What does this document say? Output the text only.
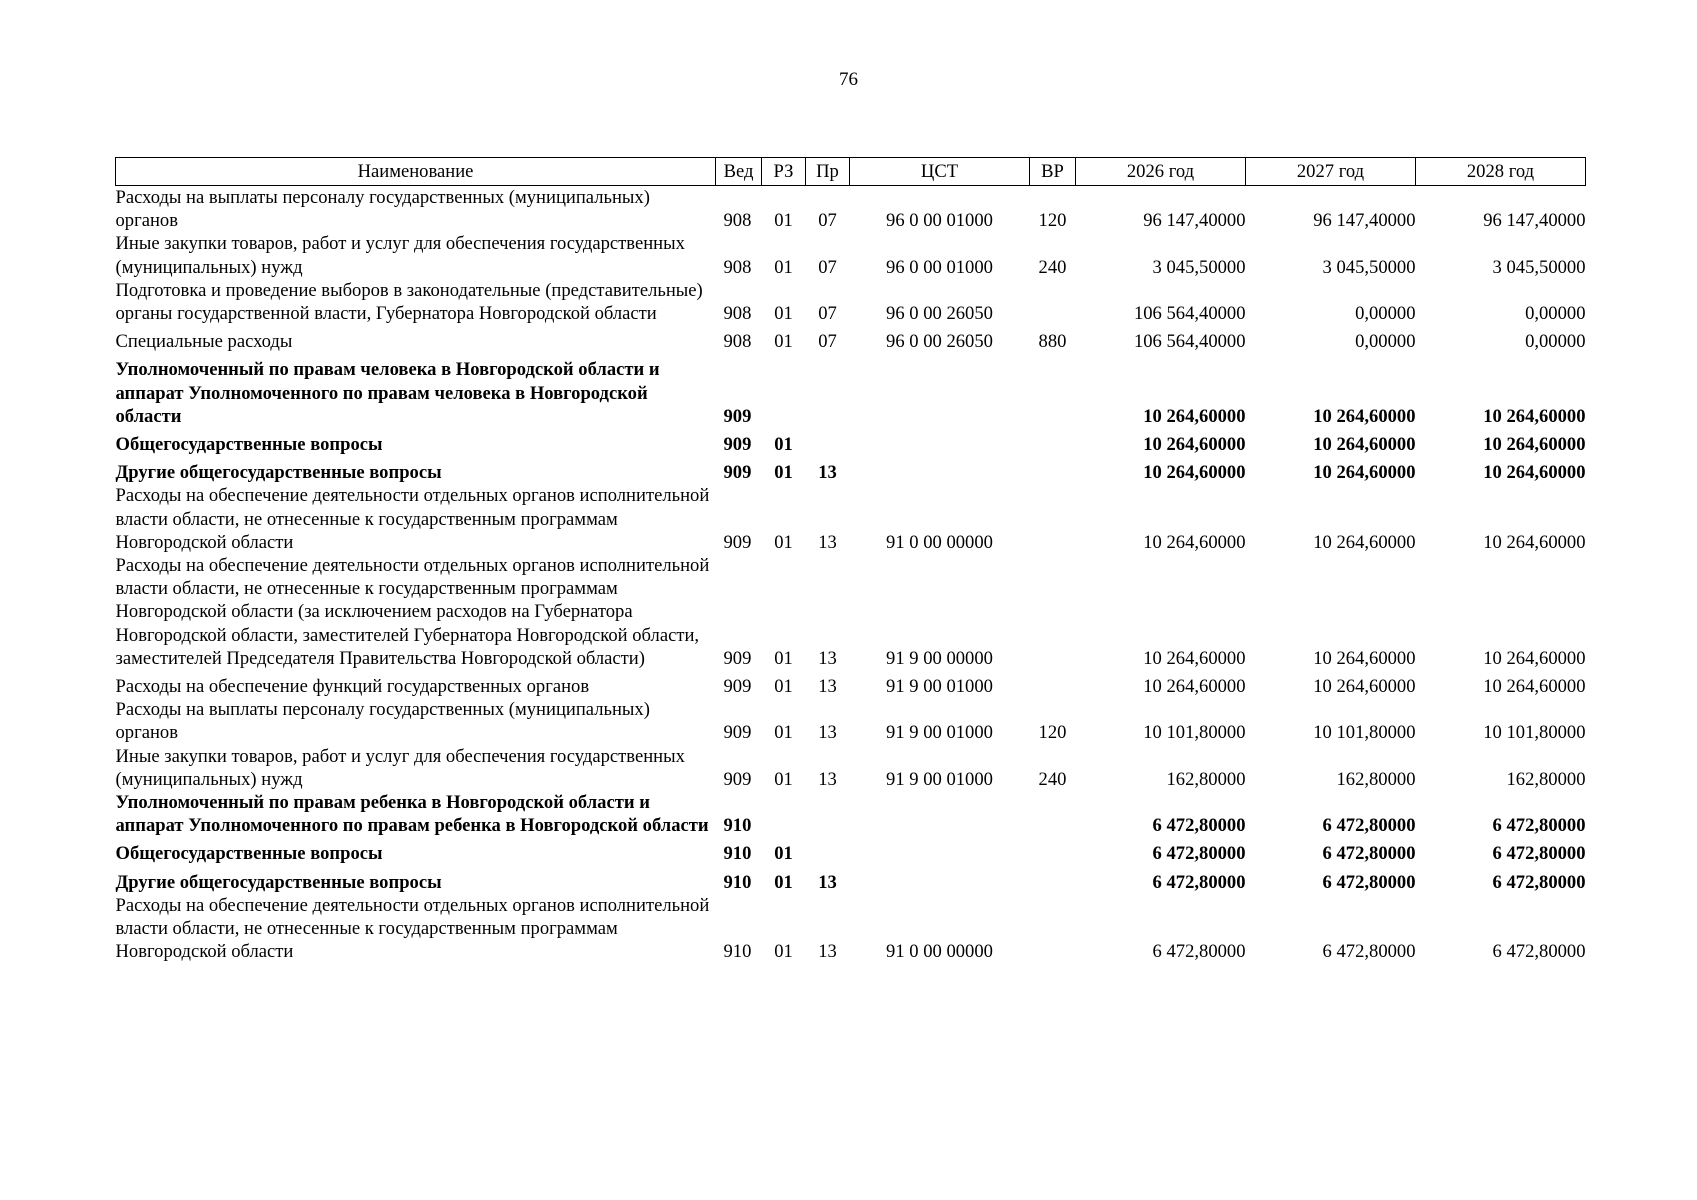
76
Наименование	Вед	РЗ	Пр	ЦСТ	ВР	2026 год	2027 год	2028 год
Расходы на выплаты персоналу государственных (муниципальных) органов	908	01	07	96 0 00 01000	120	96 147,40000	96 147,40000	96 147,40000
Иные закупки товаров, работ и услуг для обеспечения государственных (муниципальных) нужд	908	01	07	96 0 00 01000	240	3 045,50000	3 045,50000	3 045,50000
Подготовка и проведение выборов в законодательные (представительные) органы государственной власти, Губернатора Новгородской области	908	01	07	96 0 00 26050		106 564,40000	0,00000	0,00000
Специальные расходы	908	01	07	96 0 00 26050	880	106 564,40000	0,00000	0,00000
Уполномоченный по правам человека в Новгородской области и аппарат Уполномоченного по правам человека в Новгородской области	909					10 264,60000	10 264,60000	10 264,60000
Общегосударственные вопросы	909	01				10 264,60000	10 264,60000	10 264,60000
Другие общегосударственные вопросы	909	01	13			10 264,60000	10 264,60000	10 264,60000
Расходы на обеспечение деятельности отдельных органов исполнительной власти области, не отнесенные к государственным программам Новгородской области	909	01	13	91 0 00 00000		10 264,60000	10 264,60000	10 264,60000
Расходы на обеспечение деятельности отдельных органов исполнительной власти области, не отнесенные к государственным программам Новгородской области (за исключением расходов на Губернатора Новгородской области, заместителей Губернатора Новгородской области, заместителей Председателя Правительства Новгородской области)	909	01	13	91 9 00 00000		10 264,60000	10 264,60000	10 264,60000
Расходы на обеспечение функций государственных органов	909	01	13	91 9 00 01000		10 264,60000	10 264,60000	10 264,60000
Расходы на выплаты персоналу государственных (муниципальных) органов	909	01	13	91 9 00 01000	120	10 101,80000	10 101,80000	10 101,80000
Иные закупки товаров, работ и услуг для обеспечения государственных (муниципальных) нужд	909	01	13	91 9 00 01000	240	162,80000	162,80000	162,80000
Уполномоченный по правам ребенка в Новгородской области и аппарат Уполномоченного по правам ребенка в Новгородской области	910					6 472,80000	6 472,80000	6 472,80000
Общегосударственные вопросы	910	01				6 472,80000	6 472,80000	6 472,80000
Другие общегосударственные вопросы	910	01	13			6 472,80000	6 472,80000	6 472,80000
Расходы на обеспечение деятельности отдельных органов исполнительной власти области, не отнесенные к государственным программам Новгородской области	910	01	13	91 0 00 00000		6 472,80000	6 472,80000	6 472,80000
